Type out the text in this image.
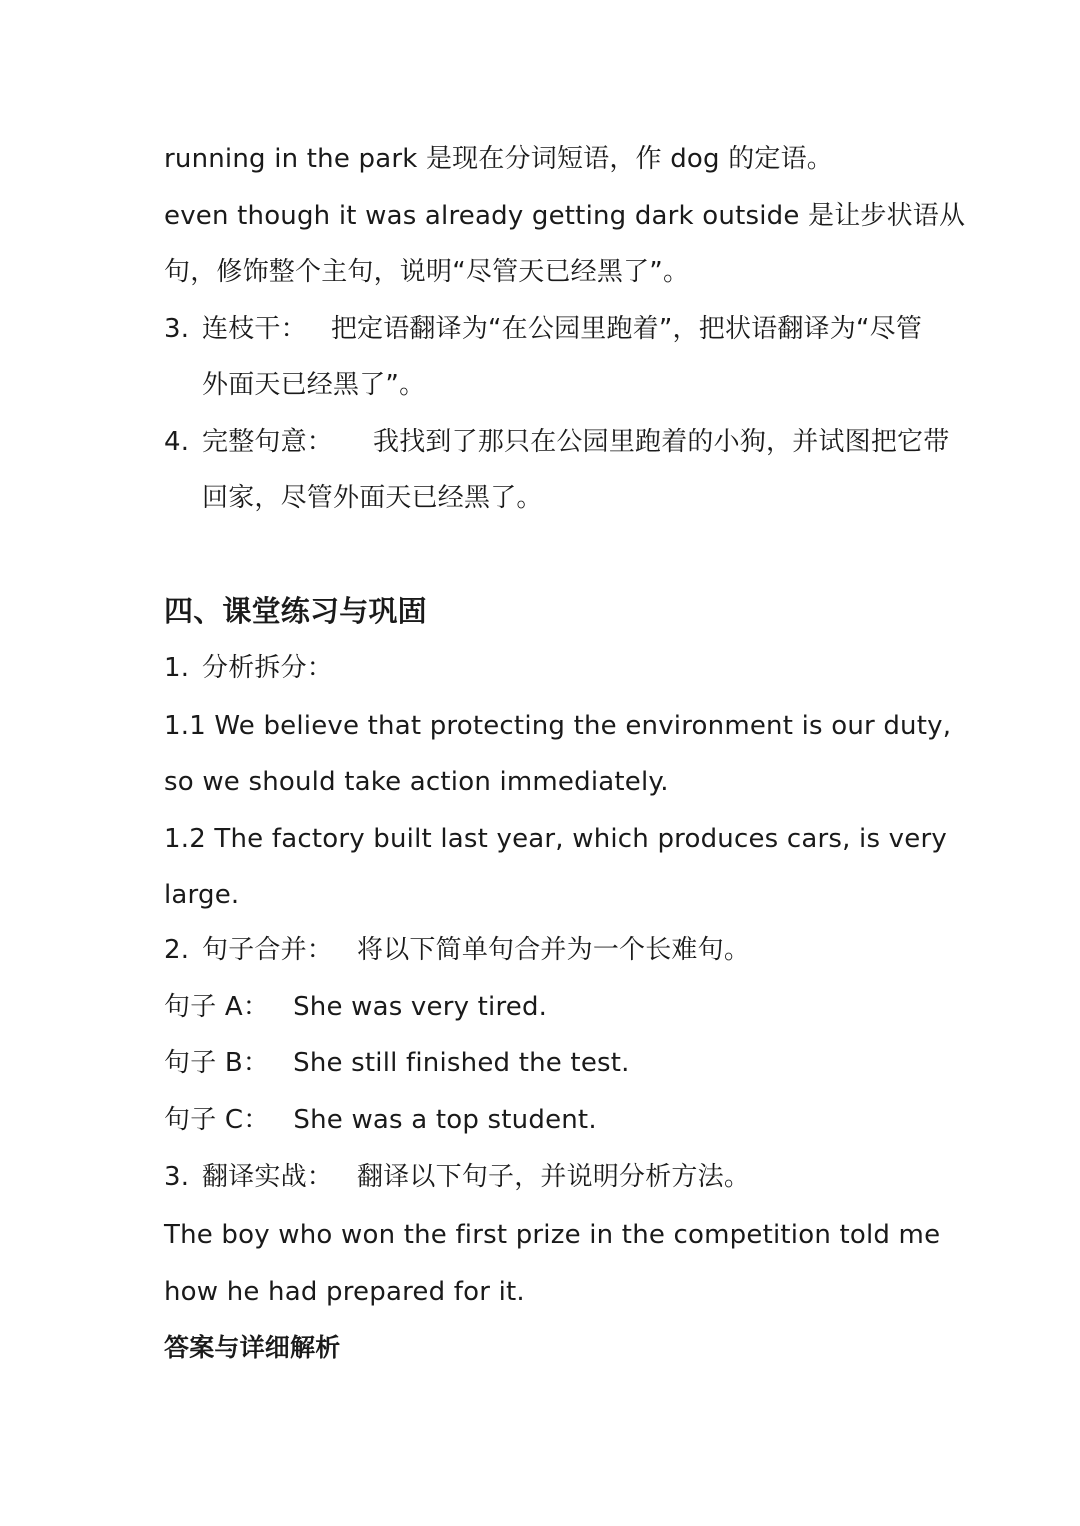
running in the park 是现在分词短语，作 dog 的定语。
even though it was already getting dark outside 是让步状语从
句，修饰整个主句，说明“尽管天已经黑了”。
3. 连枝干： 把定语翻译为“在公园里跑着”，把状语翻译为“尽管
外面天已经黑了”。
4. 完整句意： 我找到了那只在公园里跑着的小狗，并试图把它带
回家，尽管外面天已经黑了。
四、课堂练习与巩固
1. 分析拆分：
1.1 We believe that protecting the environment is our duty,
so we should take action immediately.
1.2 The factory built last year, which produces cars, is very
large.
2. 句子合并： 将以下简单句合并为一个长难句。
句子 A： She was very tired.
句子 B： She still finished the test.
句子 C： She was a top student.
3. 翻译实战： 翻译以下句子，并说明分析方法。
The boy who won the first prize in the competition told me
how he had prepared for it.
答案与详细解析
